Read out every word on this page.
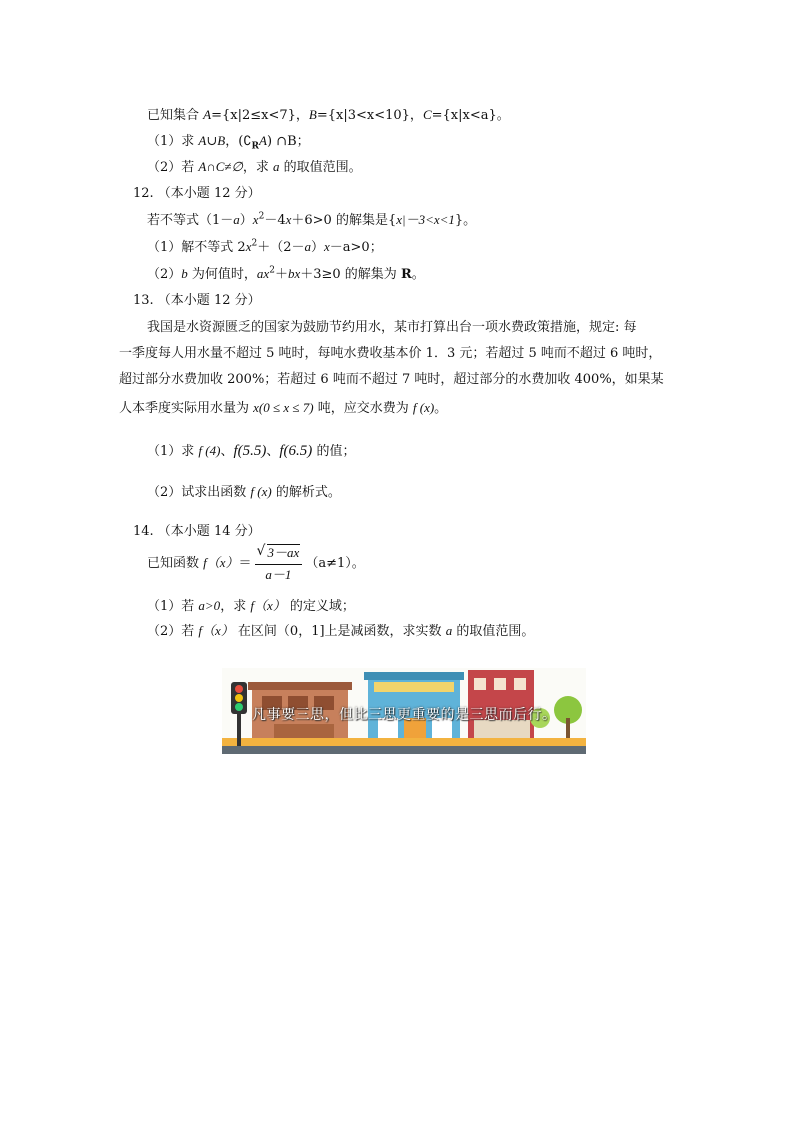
已知集合 A={x|2≤x<7}，B={x|3<x<10}，C={x|x<a}。
（1）求 A∪B，$(∁_RA)$ ∩B；
（2）若 A∩C≠∅，求 a 的取值范围。
12. （本小题 12 分）
若不等式$(1-a)x^2-4x+6>0$ 的解集是{x|－3<x<1}。
（1）解不等式 $2x^2+(2-a)x-a>0$；
（2）b 为何值时，$ax^2+bx+3\ge 0$ 的解集为 R。
13. （本小题 12 分）
我国是水资源匮乏的国家为鼓励节约用水，某市打算出台一项水费政策措施，规定: 每
一季度每人用水量不超过 5 吨时，每吨水费收基本价 1．3 元；若超过 5 吨而不超过 6 吨时，
超过部分水费加收 200%；若超过 6 吨而不超过 7 吨时，超过部分的水费加收 400%，如果某
人本季度实际用水量为 x(0 ≤ x ≤ 7) 吨，应交水费为 f (x)。
（1）求 f (4)、f(5.5)、f(6.5) 的值；
（2）试求出函数 f (x) 的解析式。
14. （本小题 14 分）
已知函数 f（x）＝
√ $\frac{3-ax}{a-1} (a\ne 1)$。
（1）若 a>0，求 f（x） 的定义域；
（2）若 f（x） 在区间（0，1]上是减函数，求实数 a 的取值范围。
凡事要三思，但比三思更重要的是三思而后行。
